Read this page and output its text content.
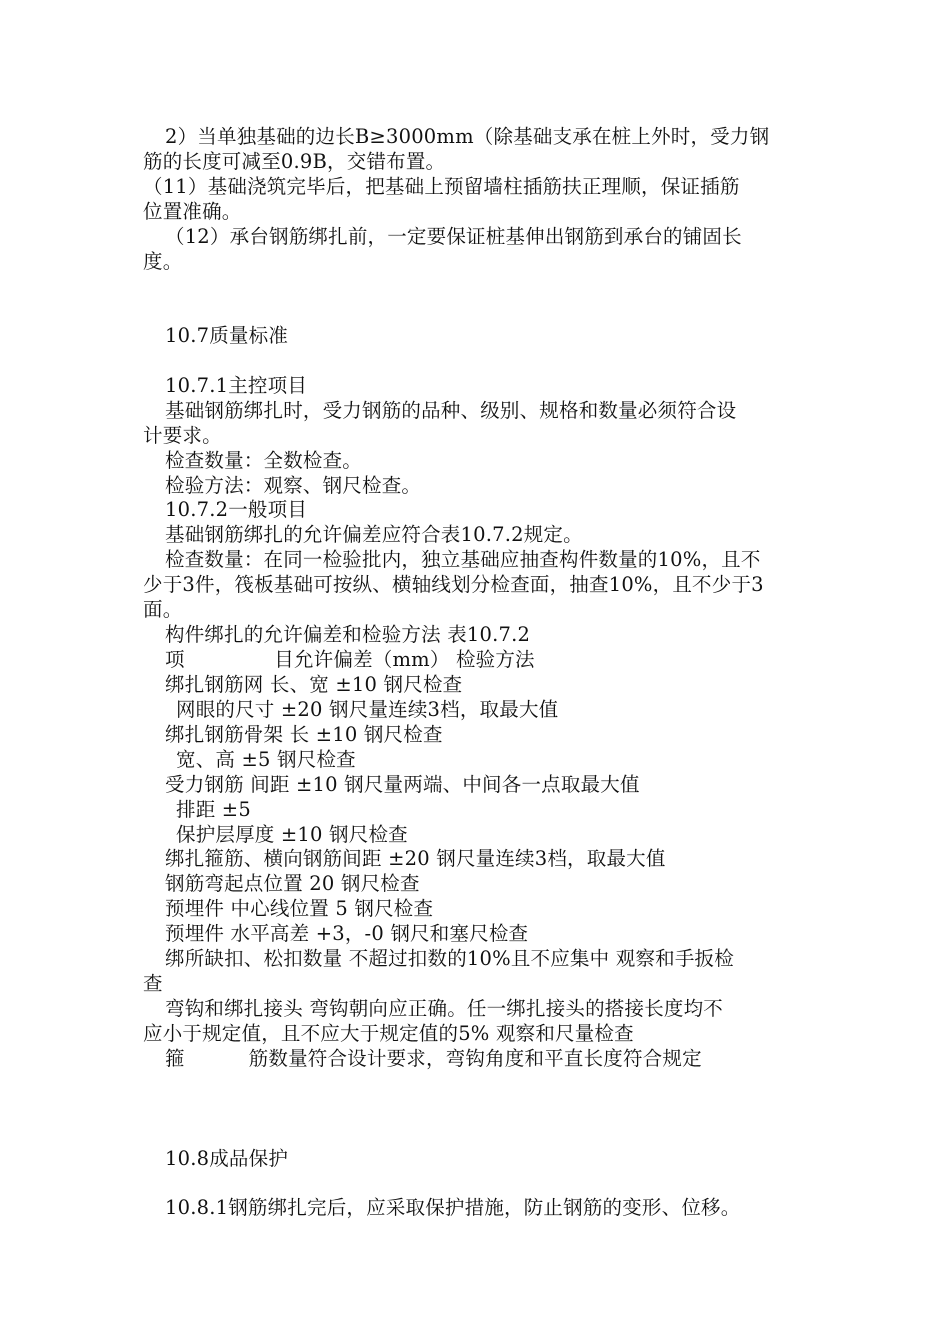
2）当单独基础的边长B≥3000mm（除基础支承在桩上外时，受力钢
筋的长度可减至0.9B，交错布置。
（11）基础浇筑完毕后，把基础上预留墙柱插筋扶正理顺，保证插筋
位置准确。
（12）承台钢筋绑扎前，一定要保证桩基伸出钢筋到承台的铺固长
度。
10.7质量标准
10.7.1主控项目
基础钢筋绑扎时，受力钢筋的品种、级别、规格和数量必须符合设
计要求。
检查数量：全数检查。
检验方法：观察、钢尺检查。
10.7.2一般项目
基础钢筋绑扎的允许偏差应符合表10.7.2规定。
检查数量：在同一检验批内，独立基础应抽查构件数量的10%，且不
少于3件，筏板基础可按纵、横轴线划分检查面，抽查10%，且不少于3
面。
构件绑扎的允许偏差和检验方法 表10.7.2
项              目允许偏差（mm） 检验方法
绑扎钢筋网 长、宽 ±10 钢尺检查
网眼的尺寸 ±20 钢尺量连续3档，取最大值
绑扎钢筋骨架 长 ±10 钢尺检查
宽、高 ±5 钢尺检查
受力钢筋 间距 ±10 钢尺量两端、中间各一点取最大值
排距 ±5
保护层厚度 ±10 钢尺检查
绑扎箍筋、横向钢筋间距 ±20 钢尺量连续3档，取最大值
钢筋弯起点位置 20 钢尺检查
预埋件 中心线位置 5 钢尺检查
预埋件 水平高差 +3，-0 钢尺和塞尺检查
绑所缺扣、松扣数量 不超过扣数的10%且不应集中 观察和手扳检
查
弯钩和绑扎接头 弯钩朝向应正确。任一绑扎接头的搭接长度均不
应小于规定值，且不应大于规定值的5% 观察和尺量检查
箍          筋数量符合设计要求，弯钩角度和平直长度符合规定
10.8成品保护
10.8.1钢筋绑扎完后，应采取保护措施，防止钢筋的变形、位移。
